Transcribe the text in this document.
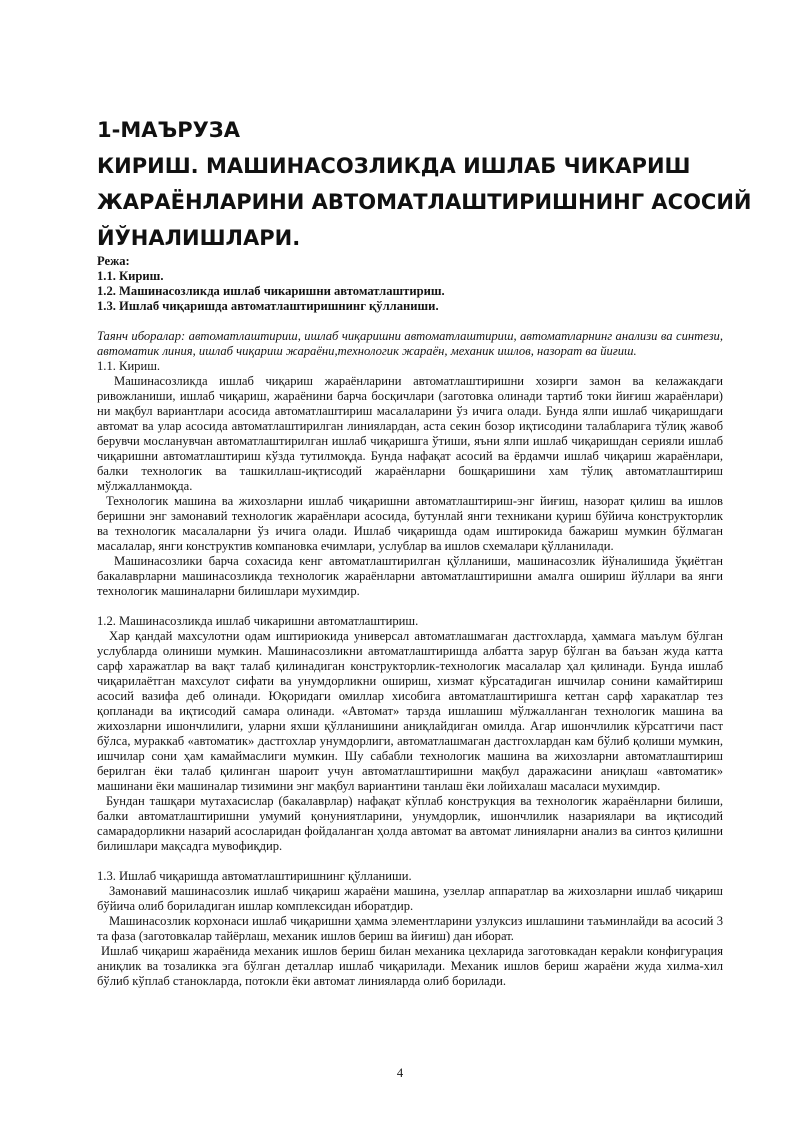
1-МАЪРУЗА
КИРИШ. МАШИНАСОЗЛИКДА ИШЛАБ ЧИКАРИШ
ЖАРАЁНЛАРИНИ АВТОМАТЛАШТИРИШНИНГ АСОСИЙ
ЙЎНАЛИШЛАРИ.
Режа:
1.1. Кириш.
1.2. Машинасозликда ишлаб чикаришни автоматлаштириш.
1.3. Ишлаб чиқаришда автоматлаштиришнинг қўлланиши.
Таянч иборалар: автоматлаштириш, ишлаб чиқаришни автоматлаштириш, автоматларнинг анализи ва синтези, автоматик линия, ишлаб чиқариш жараёни,технологик жараён, механик ишлов, назорат ва йиғиш.
1.1. Кириш.

Машинасозликда ишлаб чиқариш жараёнларини автоматлаштиришни хозирги замон ва келажакдаги ривожланиши, ишлаб чиқариш, жараёнини барча босқичлари (заготовка олинади тартиб токи йиғиш жараёнлари) ни мақбул вариантлари асосида автоматлаштириш масалаларини ўз ичига олади. Бунда ялпи ишлаб чиқаришдаги автомат ва улар асосида автоматлаштирилган линиялардан, аста секин бозор иқтисодини талабларига тўлиқ жавоб берувчи мосланувчан автоматлаштирилган ишлаб чиқаришга ўтиши, яъни ялпи ишлаб чиқаришдан серияли ишлаб чиқаришни автоматлаштириш кўзда тутилмоқда. Бунда нафақат асосий ва ёрдамчи ишлаб чиқариш жараёнлари, балки технологик ва ташкиллаш-иқтисодий жараёнларни бошқаришини хам тўлиқ автоматлаштириш мўлжалланмоқда.

Технологик машина ва жихозларни ишлаб чиқаришни автоматлаштириш-энг йиғиш, назорат қилиш ва ишлов беришни энг замонавий технологик жараёнлари асосида, бутунлай янги техникани қуриш бўйича конструкторлик ва технологик масалаларни ўз ичига олади. Ишлаб чиқаришда одам иштирокида бажариш мумкин бўлмаган масалалар, янги конструктив компановка ечимлари, услублар ва ишлов схемалари қўлланилади.

Машинасозлики барча сохасида кенг автоматлаштирилган қўлланиши, машинасозлик йўналишида ўқиётган бакалаврларни машинасозликда технологик жараёнларни автоматлаштиришни амалга ошириш йўллари ва янги технологик машиналарни билишлари мухимдир.

1.2. Машинасозликда ишлаб чикаришни автоматлаштириш.

Хар қандай махсулотни одам иштириокида универсал автоматлашмаган дастгохларда, ҳаммага маълум бўлган услубларда олиниши мумкин. Машинасозликни автоматлаштиришда албатта зарур бўлган ва баъзан жуда катта сарф харажатлар ва вақт талаб қилинадиган конструкторлик-технологик масалалар ҳал қилинади. Бунда ишлаб чиқарилаётган махсулот сифати ва унумдорликни ошириш, хизмат кўрсатадиган ишчилар сонини камайтириш асосий вазифа деб олинади. Юқоридаги омиллар хисобига автоматлаштиришга кетган сарф харакатлар тез қопланади ва иқтисодий самара олинади. «Автомат» тарзда ишлашиш мўлжалланган технологик машина ва жихозларни ишончлилиги, уларни яхши қўлланишини аниқлайдиган омилда. Агар ишончлилик кўрсатгичи паст бўлса, мураккаб «автоматик» дастгохлар унумдорлиги, автоматлашмаган дастгохлардан кам бўлиб қолиши мумкин, ишчилар сони ҳам камаймаслиги мумкин. Шу сабабли технологик машина ва жихозларни автоматлаштириш берилган ёки талаб қилинган шароит учун автоматлаштиришни мақбул даражасини аниқлаш «автоматик» машинани ёки машиналар тизимини энг мақбул вариантини танлаш ёки лойихалаш масаласи мухимдир.

Бундан ташқари мутахасислар (бакалаврлар) нафақат кўплаб конструкция ва технологик жараёнларни билиши, балки автоматлаштиришни умумий қонуниятларини, унумдорлик, ишончлилик назариялари ва иқтисодий самарадорликни назарий асосларидан фойдаланган ҳолда автомат ва автомат линияларни анализ ва синтоз қилишни билишлари мақсадга мувофиқдир.

1.3. Ишлаб чиқаришда автоматлаштиришнинг қўлланиши.

Замонавий машинасозлик ишлаб чиқариш жараёни машина, узеллар аппаратлар ва жихозларни ишлаб чиқариш бўйича олиб бориладиган ишлар комплексидан иборатдир.

Машинасозлик корхонаси ишлаб чиқаришни ҳамма элементларини узлуксиз ишлашини таъминлайди ва асосий 3 та фаза (заготовкалар тайёрлаш, механик ишлов бериш ва йиғиш) дан иборат.

Ишлаб чиқариш жараёнида механик ишлов бериш билан механика цехларида заготовкадан кераkли конфигурация аниқлик ва тозаликка эга бўлган деталлар ишлаб чиқарилади. Механик ишлов бериш жараёни жуда хилма-хил бўлиб кўплаб станокларда, потокли ёки автомат линияларда олиб борилади.

4
